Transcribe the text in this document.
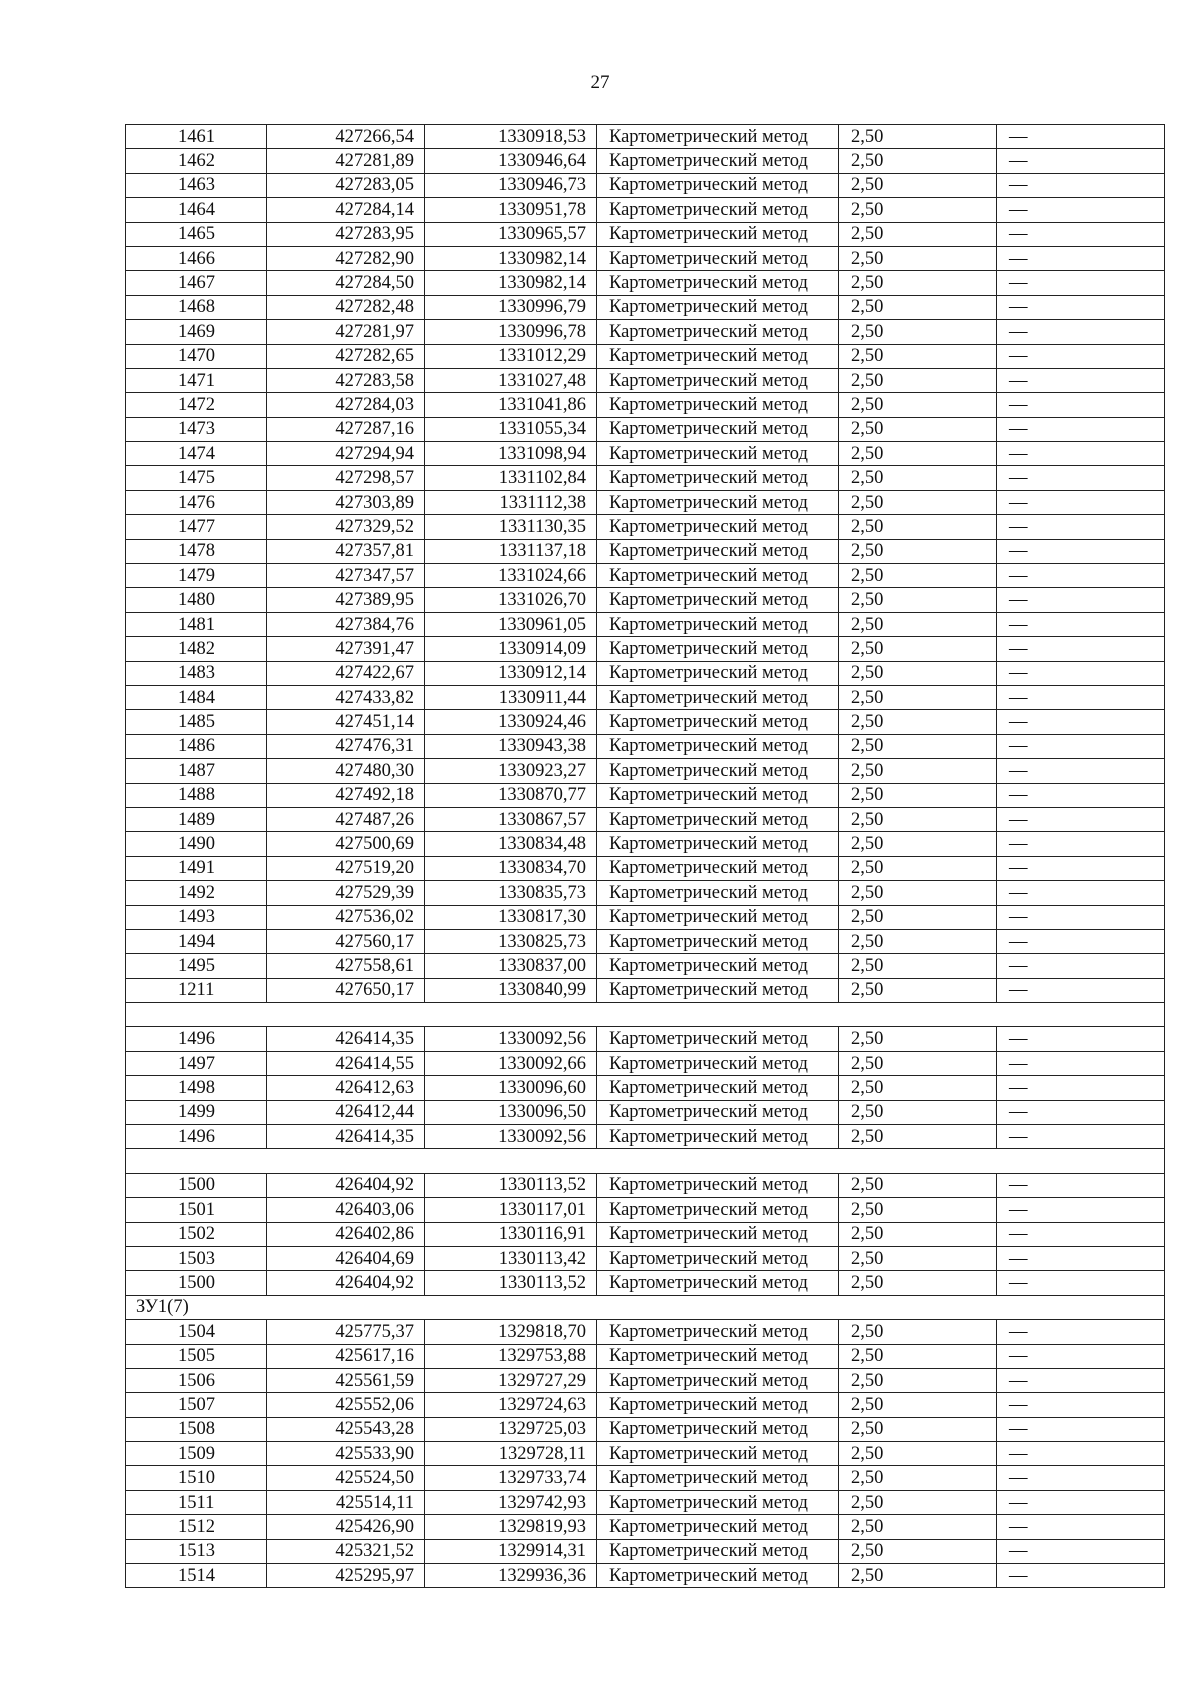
27
1461	427266,54	1330918,53	Картометрический метод	2,50	—
1462	427281,89	1330946,64	Картометрический метод	2,50	—
1463	427283,05	1330946,73	Картометрический метод	2,50	—
1464	427284,14	1330951,78	Картометрический метод	2,50	—
1465	427283,95	1330965,57	Картометрический метод	2,50	—
1466	427282,90	1330982,14	Картометрический метод	2,50	—
1467	427284,50	1330982,14	Картометрический метод	2,50	—
1468	427282,48	1330996,79	Картометрический метод	2,50	—
1469	427281,97	1330996,78	Картометрический метод	2,50	—
1470	427282,65	1331012,29	Картометрический метод	2,50	—
1471	427283,58	1331027,48	Картометрический метод	2,50	—
1472	427284,03	1331041,86	Картометрический метод	2,50	—
1473	427287,16	1331055,34	Картометрический метод	2,50	—
1474	427294,94	1331098,94	Картометрический метод	2,50	—
1475	427298,57	1331102,84	Картометрический метод	2,50	—
1476	427303,89	1331112,38	Картометрический метод	2,50	—
1477	427329,52	1331130,35	Картометрический метод	2,50	—
1478	427357,81	1331137,18	Картометрический метод	2,50	—
1479	427347,57	1331024,66	Картометрический метод	2,50	—
1480	427389,95	1331026,70	Картометрический метод	2,50	—
1481	427384,76	1330961,05	Картометрический метод	2,50	—
1482	427391,47	1330914,09	Картометрический метод	2,50	—
1483	427422,67	1330912,14	Картометрический метод	2,50	—
1484	427433,82	1330911,44	Картометрический метод	2,50	—
1485	427451,14	1330924,46	Картометрический метод	2,50	—
1486	427476,31	1330943,38	Картометрический метод	2,50	—
1487	427480,30	1330923,27	Картометрический метод	2,50	—
1488	427492,18	1330870,77	Картометрический метод	2,50	—
1489	427487,26	1330867,57	Картометрический метод	2,50	—
1490	427500,69	1330834,48	Картометрический метод	2,50	—
1491	427519,20	1330834,70	Картометрический метод	2,50	—
1492	427529,39	1330835,73	Картометрический метод	2,50	—
1493	427536,02	1330817,30	Картометрический метод	2,50	—
1494	427560,17	1330825,73	Картометрический метод	2,50	—
1495	427558,61	1330837,00	Картометрический метод	2,50	—
1211	427650,17	1330840,99	Картометрический метод	2,50	—

1496	426414,35	1330092,56	Картометрический метод	2,50	—
1497	426414,55	1330092,66	Картометрический метод	2,50	—
1498	426412,63	1330096,60	Картометрический метод	2,50	—
1499	426412,44	1330096,50	Картометрический метод	2,50	—
1496	426414,35	1330092,56	Картометрический метод	2,50	—

1500	426404,92	1330113,52	Картометрический метод	2,50	—
1501	426403,06	1330117,01	Картометрический метод	2,50	—
1502	426402,86	1330116,91	Картометрический метод	2,50	—
1503	426404,69	1330113,42	Картометрический метод	2,50	—
1500	426404,92	1330113,52	Картометрический метод	2,50	—
ЗУ1(7)					
1504	425775,37	1329818,70	Картометрический метод	2,50	—
1505	425617,16	1329753,88	Картометрический метод	2,50	—
1506	425561,59	1329727,29	Картометрический метод	2,50	—
1507	425552,06	1329724,63	Картометрический метод	2,50	—
1508	425543,28	1329725,03	Картометрический метод	2,50	—
1509	425533,90	1329728,11	Картометрический метод	2,50	—
1510	425524,50	1329733,74	Картометрический метод	2,50	—
1511	425514,11	1329742,93	Картометрический метод	2,50	—
1512	425426,90	1329819,93	Картометрический метод	2,50	—
1513	425321,52	1329914,31	Картометрический метод	2,50	—
1514	425295,97	1329936,36	Картометрический метод	2,50	—
